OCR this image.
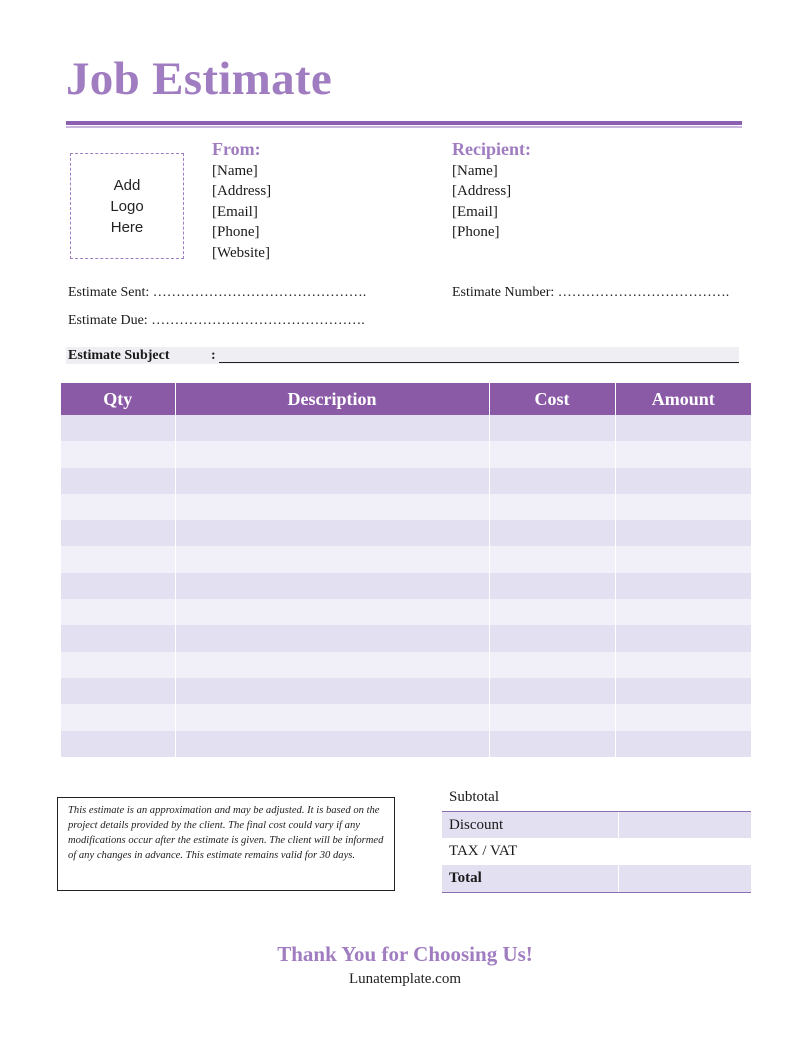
Job Estimate
Add
Logo
Here
From:
[Name]
[Address]
[Email]
[Phone]
[Website]
Recipient:
[Name]
[Address]
[Email]
[Phone]
Estimate Sent: ……………………………………….
Estimate Due: ……………………………………….
Estimate Number: ……………………………….
Estimate Subject	:
Qty	Description	Cost	Amount

This estimate is an approximation and may be adjusted. It is based on the project details provided by the client. The final cost could vary if any modifications occur after the estimate is given. The client will be informed of any changes in advance. This estimate remains valid for 30 days.
Subtotal
Discount
TAX / VAT
Total
Thank You for Choosing Us!
Lunatemplate.com
